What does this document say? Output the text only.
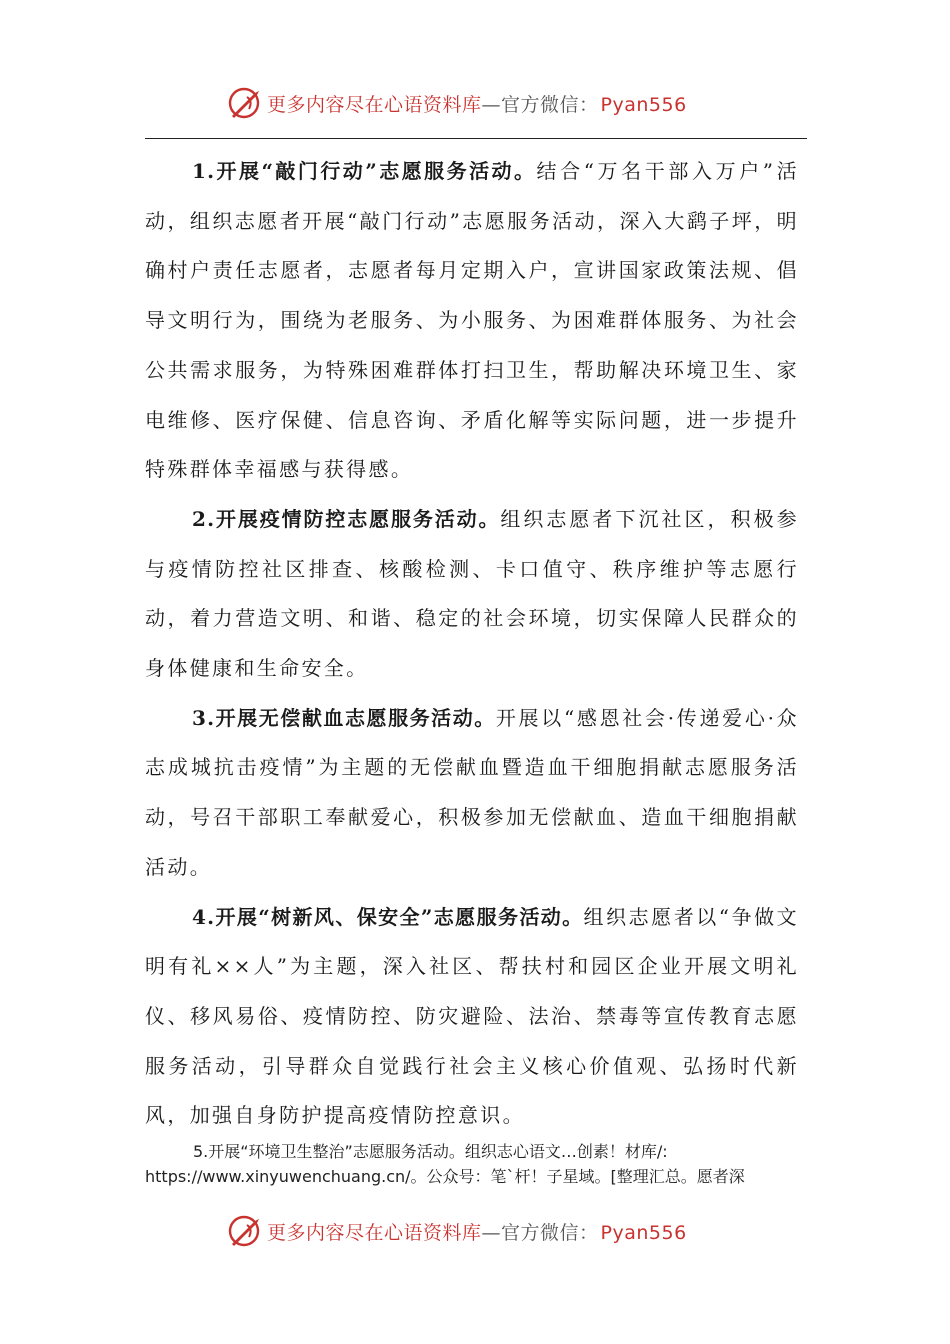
更多内容尽在心语资料库—官方微信： Pyan556

1.开展“敲门行动”志愿服务活动。结合“万名干部入万户”活动，组织志愿者开展“敲门行动”志愿服务活动，深入大鹞子坪，明确村户责任志愿者，志愿者每月定期入户，宣讲国家政策法规、倡导文明行为，围绕为老服务、为小服务、为困难群体服务、为社会公共需求服务，为特殊困难群体打扫卫生，帮助解决环境卫生、家电维修、医疗保健、信息咨询、矛盾化解等实际问题，进一步提升特殊群体幸福感与获得感。

2.开展疫情防控志愿服务活动。组织志愿者下沉社区，积极参与疫情防控社区排查、核酸检测、卡口值守、秩序维护等志愿行动，着力营造文明、和谐、稳定的社会环境，切实保障人民群众的身体健康和生命安全。

3.开展无偿献血志愿服务活动。开展以“感恩社会·传递爱心·众志成城抗击疫情”为主题的无偿献血暨造血干细胞捐献志愿服务活动，号召干部职工奉献爱心，积极参加无偿献血、造血干细胞捐献活动。

4.开展“树新风、保安全”志愿服务活动。组织志愿者以“争做文明有礼××人”为主题，深入社区、帮扶村和园区企业开展文明礼仪、移风易俗、疫情防控、防灾避险、法治、禁毒等宣传教育志愿服务活动，引导群众自觉践行社会主义核心价值观、弘扬时代新风，加强自身防护提高疫情防控意识。

5.开展“环境卫生整治”志愿服务活动。组织志心语文…创素！材库/: https://www.xinyuwenchuang.cn/。公众号：笔`杆！子星域。[整理汇总。愿者深
更多内容尽在心语资料库—官方微信： Pyan556
